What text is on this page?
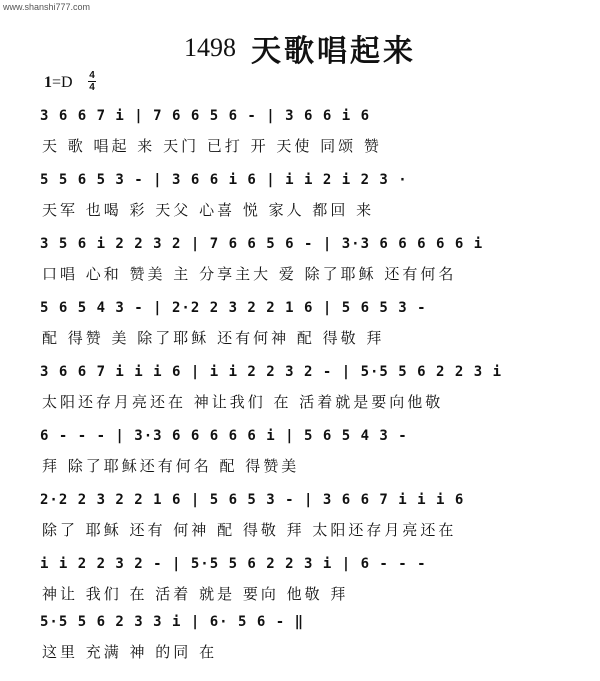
www.shanshi777.com
1498 天歌唱起来
1=D 4
4
3 6 6 7 i | 7 6 6 5 6 - | 3 6 6 i 6
天 歌 唱起 来 天门 已打 开 天使 同颂 赞
5 5 6 5 3 - | 3 6 6 i 6 | i i 2 i 2 3 ·
天军 也喝 彩 天父 心喜 悦 家人 都回 来
3 5 6 i 2 2 3 2 | 7 6 6 5 6 - | 3·3 6 6 6 6 6 i
口唱 心和 赞美 主 分享主大 爱 除了耶稣 还有何名
5 6 5 4 3 - | 2·2 2 3 2 2 1 6 | 5 6 5 3 -
配 得赞 美 除了耶稣 还有何神 配 得敬 拜
3 6 6 7 i i i 6 | i i 2 2 3 2 - | 5·5 5 6 2 2 3 i
太阳还存月亮还在 神让我们 在 活着就是要向他敬
6 - - - | 3·3 6 6 6 6 6 i | 5 6 5 4 3 -
拜 除了耶稣还有何名 配 得赞美
2·2 2 3 2 2 1 6 | 5 6 5 3 - | 3 6 6 7 i i i 6
除了 耶稣 还有 何神 配 得敬 拜 太阳还存月亮还在
i i 2 2 3 2 - | 5·5 5 6 2 2 3 i | 6 - - -
神让 我们 在 活着 就是 要向 他敬 拜
5·5 5 6 2 3 3 i | 6· 5 6 - ‖
这里 充满 神 的同 在
